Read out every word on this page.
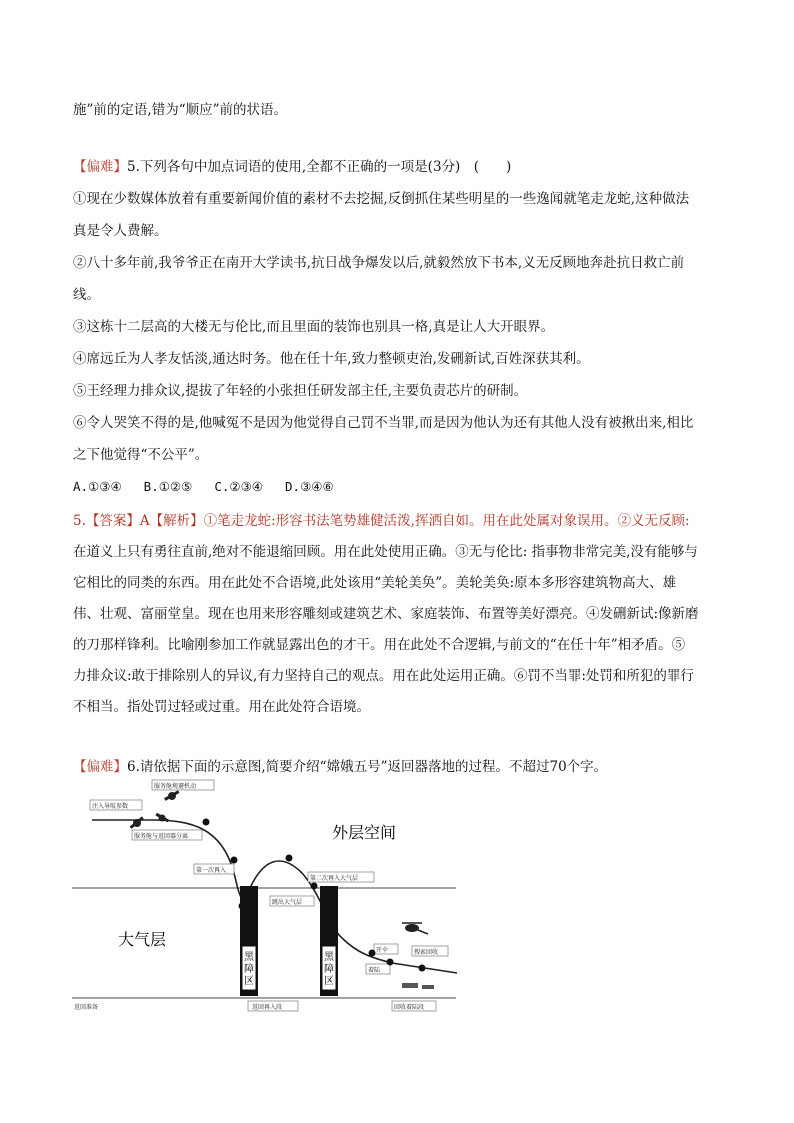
施”前的定语,错为“顺应”前的状语。
【偏难】5.下列各句中加点词语的使用,全都不正确的一项是(3分)　(　　)
①现在少数媒体放着有重要新闻价值的素材不去挖掘,反倒抓住某些明星的一些逸闻就笔走龙蛇,这种做法
真是令人费解。
②八十多年前,我爷爷正在南开大学读书,抗日战争爆发以后,就毅然放下书本,义无反顾地奔赴抗日救亡前
线。
③这栋十二层高的大楼无与伦比,而且里面的装饰也别具一格,真是让人大开眼界。
④席远丘为人孝友恬淡,通达时务。他在任十年,致力整顿吏治,发硎新试,百姓深获其利。
⑤王经理力排众议,提拔了年轻的小张担任研发部主任,主要负责芯片的研制。
⑥令人哭笑不得的是,他喊冤不是因为他觉得自己罚不当罪,而是因为他认为还有其他人没有被揪出来,相比
之下他觉得“不公平”。
A.①③④ B.①②⑤ C.②③④ D.③④⑥
5.【答案】A【解析】①笔走龙蛇:形容书法笔势雄健活泼,挥洒自如。用在此处属对象误用。②义无反顾:
在道义上只有勇往直前,绝对不能退缩回顾。用在此处使用正确。③无与伦比: 指事物非常完美,没有能够与
它相比的同类的东西。用在此处不合语境,此处该用“美轮美奂”。美轮美奂:原本多形容建筑物高大、雄
伟、壮观、富丽堂皇。现在也用来形容雕刻或建筑艺术、家庭装饰、布置等美好漂亮。④发硎新试:像新磨
的刀那样锋利。比喻刚参加工作就显露出色的才干。用在此处不合逻辑,与前文的“在任十年”相矛盾。⑤
力排众议:敢于排除别人的异议,有力坚持自己的观点。用在此处运用正确。⑥罚不当罪:处罚和所犯的罪行
不相当。指处罚过轻或过重。用在此处符合语境。
【偏难】6.请依据下面的示意图,简要介绍“嫦娥五号”返回器落地的过程。不超过70个字。
黑障区
黑障区
外层空间
大气层
服务舱规避机动
注入导航参数
服务舱与返回器分离
第一次再入
第二次再入大气层
跳出大气层
开伞
着陆
搜索回收
返回准备	返回再入段	回收着陆段
